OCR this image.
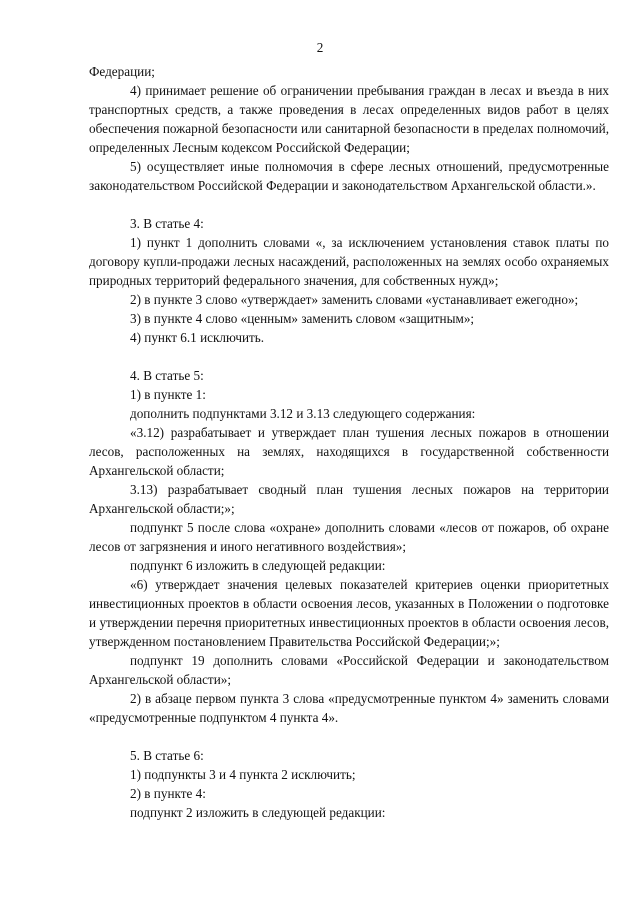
2

Федерации;

4) принимает решение об ограничении пребывания граждан в лесах и въезда в них транспортных средств, а также проведения в лесах определенных видов работ в целях обеспечения пожарной безопасности или санитарной безопасности в пределах полномочий, определенных Лесным кодексом Российской Федерации;

5) осуществляет иные полномочия в сфере лесных отношений, предусмотренные законодательством Российской Федерации и законодательством Архангельской области.».

3. В статье 4:

1) пункт 1 дополнить словами «, за исключением установления ставок платы по договору купли-продажи лесных насаждений, расположенных на землях особо охраняемых природных территорий федерального значения, для собственных нужд»;

2) в пункте 3 слово «утверждает» заменить словами «устанавливает ежегодно»;

3) в пункте 4 слово «ценным» заменить словом «защитным»;

4) пункт 6.1 исключить.

4. В статье 5:

1) в пункте 1:

дополнить подпунктами 3.12 и 3.13 следующего содержания:

«3.12) разрабатывает и утверждает план тушения лесных пожаров в отношении лесов, расположенных на землях, находящихся в государственной собственности Архангельской области;

3.13) разрабатывает сводный план тушения лесных пожаров на территории Архангельской области;»;

подпункт 5 после слова «охране» дополнить словами «лесов от пожаров, об охране лесов от загрязнения и иного негативного воздействия»;

подпункт 6 изложить в следующей редакции:

«6) утверждает значения целевых показателей критериев оценки приоритетных инвестиционных проектов в области освоения лесов, указанных в Положении о подготовке и утверждении перечня приоритетных инвестиционных проектов в области освоения лесов, утвержденном постановлением Правительства Российской Федерации;»;

подпункт 19 дополнить словами «Российской Федерации и законодательством Архангельской области»;

2) в абзаце первом пункта 3 слова «предусмотренные пунктом 4» заменить словами «предусмотренные подпунктом 4 пункта 4».

5. В статье 6:

1) подпункты 3 и 4 пункта 2 исключить;

2) в пункте 4:

подпункт 2 изложить в следующей редакции:
